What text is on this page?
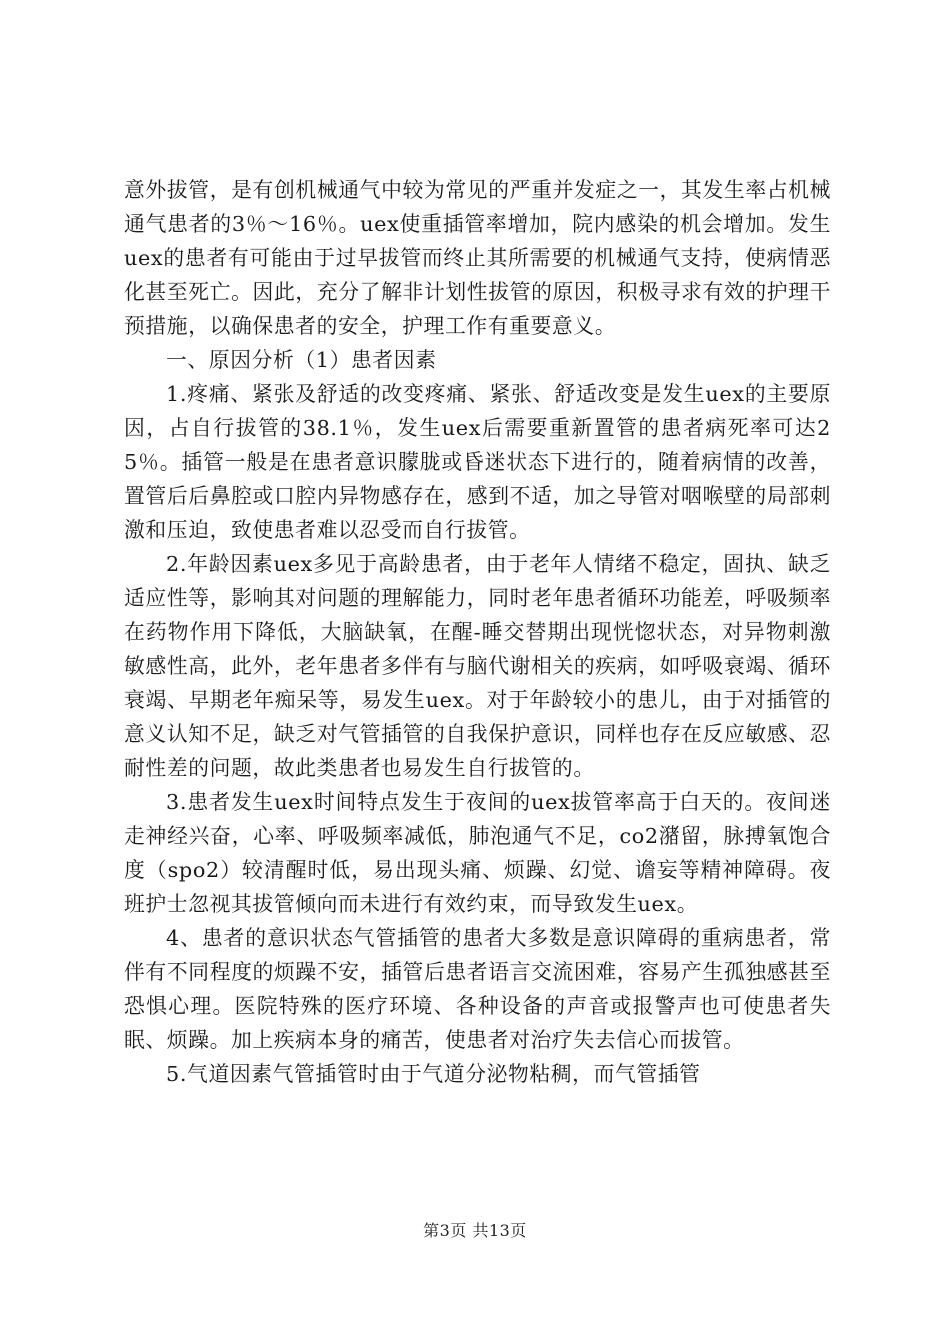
意外拔管，是有创机械通气中较为常见的严重并发症之一，其发生率占机械通气患者的3％～16％。uex使重插管率增加，院内感染的机会增加。发生uex的患者有可能由于过早拔管而终止其所需要的机械通气支持，使病情恶化甚至死亡。因此，充分了解非计划性拔管的原因，积极寻求有效的护理干预措施，以确保患者的安全，护理工作有重要意义。

一、原因分析（1）患者因素

1.疼痛、紧张及舒适的改变疼痛、紧张、舒适改变是发生uex的主要原因，占自行拔管的38.1％，发生uex后需要重新置管的患者病死率可达25％。插管一般是在患者意识朦胧或昏迷状态下进行的，随着病情的改善，置管后后鼻腔或口腔内异物感存在，感到不适，加之导管对咽喉壁的局部刺激和压迫，致使患者难以忍受而自行拔管。

2.年龄因素uex多见于高龄患者，由于老年人情绪不稳定，固执、缺乏适应性等，影响其对问题的理解能力，同时老年患者循环功能差，呼吸频率在药物作用下降低，大脑缺氧，在醒-睡交替期出现恍惚状态，对异物刺激敏感性高，此外，老年患者多伴有与脑代谢相关的疾病，如呼吸衰竭、循环衰竭、早期老年痴呆等，易发生uex。对于年龄较小的患儿，由于对插管的意义认知不足，缺乏对气管插管的自我保护意识，同样也存在反应敏感、忍耐性差的问题，故此类患者也易发生自行拔管的。

3.患者发生uex时间特点发生于夜间的uex拔管率高于白天的。夜间迷走神经兴奋，心率、呼吸频率减低，肺泡通气不足，co2潴留，脉搏氧饱合度（spo2）较清醒时低，易出现头痛、烦躁、幻觉、谵妄等精神障碍。夜班护士忽视其拔管倾向而未进行有效约束，而导致发生uex。

4、患者的意识状态气管插管的患者大多数是意识障碍的重病患者，常伴有不同程度的烦躁不安，插管后患者语言交流困难，容易产生孤独感甚至恐惧心理。医院特殊的医疗环境、各种设备的声音或报警声也可使患者失眠、烦躁。加上疾病本身的痛苦，使患者对治疗失去信心而拔管。

5.气道因素气管插管时由于气道分泌物粘稠，而气管插管

第3页 共13页
